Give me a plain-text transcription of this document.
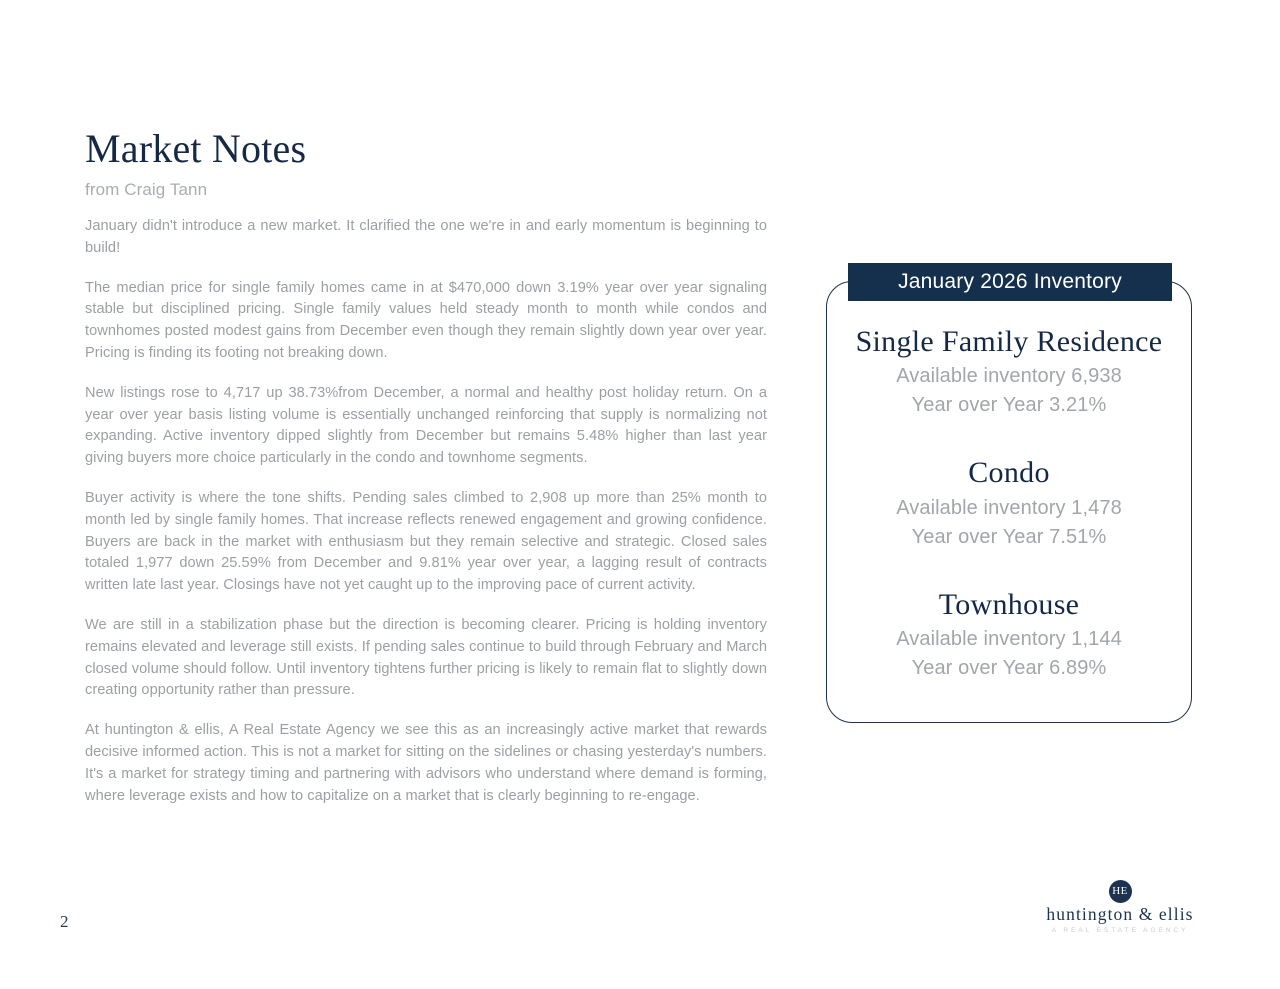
Market Notes
from Craig Tann

January didn't introduce a new market. It clarified the one we're in and early momentum is beginning to build!

The median price for single family homes came in at $470,000 down 3.19% year over year signaling stable but disciplined pricing. Single family values held steady month to month while condos and townhomes posted modest gains from December even though they remain slightly down year over year. Pricing is finding its footing not breaking down.

New listings rose to 4,717 up 38.73%from December, a normal and healthy post holiday return. On a year over year basis listing volume is essentially unchanged reinforcing that supply is normalizing not expanding. Active inventory dipped slightly from December but remains 5.48% higher than last year giving buyers more choice particularly in the condo and townhome segments.

Buyer activity is where the tone shifts. Pending sales climbed to 2,908 up more than 25% month to month led by single family homes. That increase reflects renewed engagement and growing confidence. Buyers are back in the market with enthusiasm but they remain selective and strategic. Closed sales totaled 1,977 down 25.59% from December and 9.81% year over year, a lagging result of contracts written late last year. Closings have not yet caught up to the improving pace of current activity.

We are still in a stabilization phase but the direction is becoming clearer. Pricing is holding inventory remains elevated and leverage still exists. If pending sales continue to build through February and March closed volume should follow. Until inventory tightens further pricing is likely to remain flat to slightly down creating opportunity rather than pressure.

At huntington & ellis, A Real Estate Agency we see this as an increasingly active market that rewards decisive informed action. This is not a market for sitting on the sidelines or chasing yesterday's numbers. It's a market for strategy timing and partnering with advisors who understand where demand is forming, where leverage exists and how to capitalize on a market that is clearly beginning to re-engage.

January 2026 Inventory
Single Family Residence
Available inventory 6,938
Year over Year 3.21%
Condo
Available inventory 1,478
Year over Year 7.51%
Townhouse
Available inventory 1,144
Year over Year 6.89%
HE
huntington & ellis
A REAL ESTATE AGENCY
2
